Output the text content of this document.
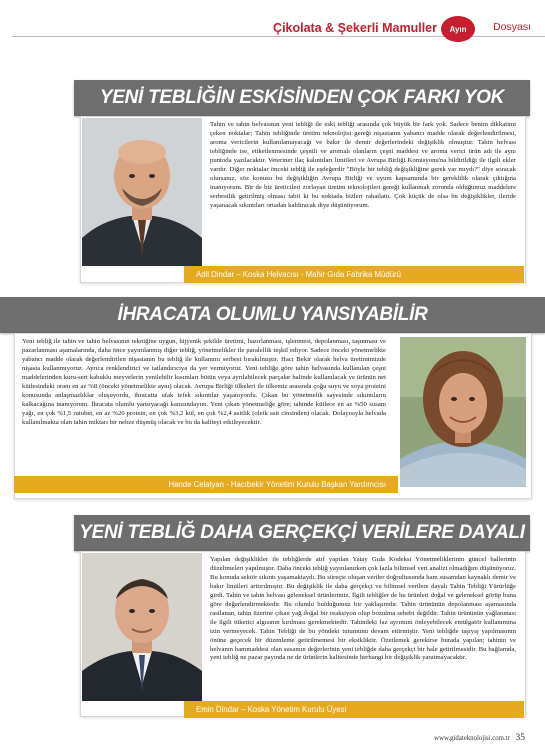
Çikolata & Şekerli Mamuller	Ayın	Dosyası
YENİ TEBLİĞİN ESKİSİNDEN ÇOK FARKI YOK
Tahin ve tahin helvasının yeni tebliği ile eski tebliği arasında çok büyük bir fark yok. Sadece benim dikkatimi çeken noktalar; Tahin tebliğinde üretim teknolojisi gereği nişastanın yabancı madde olarak değerlendirilmesi, aroma vericilerin kullanılamayacağı ve bakır ile demir değerlerindeki değişiklik olmuştur. Tahin helvası tebliğinde ise, etiketlenmesinde çeşnili ve aromalı olanların çeşni maddesi ve aroma verici ürün adı ile aynı puntoda yazılacaktır. Veteriner ilaç kalıntıları limitleri ve Avrupa Birliği Komisyonu'na bildirildiği ile ilgili ekler vardır. Diğer noktalar önceki tebliğ ile eşdeğerdir "Böyle bir tebliğ değişikliğine gerek var mıydı?" diye soracak olursanız, söz konusu bu değişikliğin Avrupa Birliği ve uyum kapsamında bir gereklilik olarak çıktığına inanıyorum. Bir de biz üreticileri zorlayan üretim teknolojileri gereği kullanmak zorunda olduğumuz maddelere serbestlik getirilmiş olması tabii ki bu noktada bizleri rahatlattı. Çok küçük de olsa bu değişiklikler, ileride yaşanacak sıkıntıları ortadan kaldıracak diye düşünüyorum.
Adil Dindar – Koska Helvacısı - Mahir Gıda Fabrika Müdürü
İHRACATA OLUMLU YANSIYABİLİR
Yeni tebliğ ile tahin ve tahin helvasının tekniğine uygun, hijyenik şekilde üretimi, hazırlanması, işlenmesi, depolanması, taşınması ve pazarlanması aşamalarında, daha önce yayımlanmış diğer tebliğ, yönetmelikler ile paralellik teşkil ediyor. Sadece önceki yönetmelikte yabancı madde olarak değerlendirilen nişastanın bu tebliğ ile kullanımı serbest bırakılmıştır. Hacı Bekir olarak helva üretimimizde nişasta kullanmıyoruz. Ayrıca renklendirici ve tatlandırıcıya da yer vermiyoruz. Yeni tebliğe göre tahin helvasında kullanılan çeşni maddelerinden kuru-sert kabuklu meyvelerin yenilebilir kısımları bütün veya ayrılabilecek parçalar halinde kullanılacak ve ürünün net kütlesindeki oranı en az %8 (önceki yönetmelikte aynı) olacak. Avrupa Birliği ülkeleri ile ülkemiz arasında çoğu suyu ve soya proteini konusunda anlaşmazlıklar oluşuyordu, ihracatta ufak tefek sıkıntılar yaşanıyordu. Çıkan bu yönetmelik sayesinde sıkıntıların kalkacağına inanıyorum. İhracata olumlu yansıyacağı kanısındayım. Yeni çıkan yönetmeliğe göre; tahinde kütlece en az %50 susam yağı, en çok %1,5 rutubet, en az %20 protein, en çok %3,2 kül, en çok %2,4 asitlik (oleik asit cinsinden) olacak. Dolayısıyla helvada kullanılmakta olan tahin miktarı bir nebze düşmüş olacak ve bu da kaliteyi etkileyecektir.
Hande Celalyan - Hacıbekir Yönetim Kurulu Başkan Yardımcısı
YENİ TEBLİĞ DAHA GERÇEKÇİ VERİLERE DAYALI
Yapılan değişiklikler ile tebliğlerde atıf yapılan Yatay Gıda Kodeksi Yönetmeliklerinin güncel hallerinin düzeltmeleri yapılmıştır. Daha önceki tebliğ yayınlanırken çok fazla bilimsel veri analizi olmadığını düşünüyoruz. Bu konuda sektör sıkıntı yaşamaktaydı. Bu süreçte oluşan veriler doğrultusunda ham susamdan kaynaklı demir ve bakır limitleri arttırılmıştır. Bu değişiklik ile daha gerçekçi ve bilimsel verilere dayalı Tahin Tebliği Yürürlüğe girdi. Tahin ve tahin helvası geleneksel ürünlerimiz. İlgili tebliğler de bu ürünleri doğal ve geleneksel görüp buna göre değerlendirmektedir. Bu olumlu bulduğumuz bir yaklaşımdır. Tahin ürününün depolanması aşamasında rastlanan, tahin üzerine çıkan yağ doğal bir reaksiyon olup bozulma sebebi değildir. Tahin ürününün yağlanması ile ilgili tüketici algısının kırılması gerekmektedir. Tahindeki faz ayrımını önleyebilecek emülgatör kullanımına izin vermeyecek. Tahin Tebliği de bu yöndeki tutumunu devam ettirmiştir. Yeni tebliğde taşıyış yapılmasının önüne geçecek bir düzenleme getirilmemesi bir eksikliktir. Özetlemek gerekirse burada yapılan; tahinin ve helvanın hammaddesi olan susamın değerlerinin yeni tebliğde daha gerçekçi bir hale getirilmesidir. Bu bağlamda, yeni tebliğ ne pazar payında ne de ürünlerin kalitesinde herhangi bir değişiklik yaratmayacaktır.
Emin Dindar – Koska Yönetim Kurulu Üyesi
www.gidateknolojisi.com.tr 35
